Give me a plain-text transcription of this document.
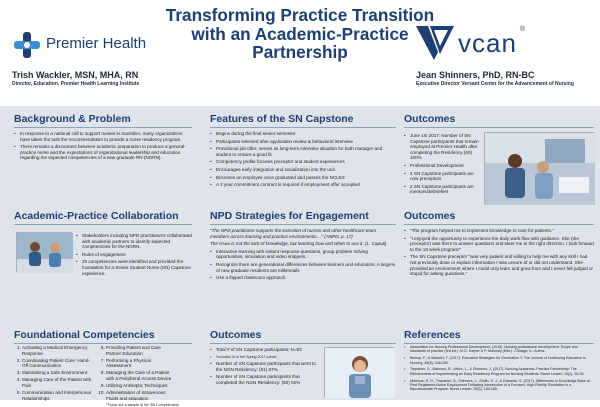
Premier Health
Transforming Practice Transition with an Academic-Practice Partnership	vcan ®
Trish Wackler, MSN, MHA, RN
Director, Education, Premier Health Learning Institute
Jean Shinners, PhD, RN-BC
Executive Director Versant Center for the Advancement of Nursing
Background & Problem
• In response to a national call to support nurses in transition, many organizations have taken the task the recommendation to provide a nurse residency program.
• There remains a disconnect between academic preparation to produce a general-practice nurse and the expectations of organizational leadership and education regarding the expected competencies of a new graduate RN (NGRN).
Academic-Practice Collaboration
• Stakeholders including NPD practitioners collaborated with academic partners to identify expected competencies for the NGRN.
• Rules of engagement
• 29 competencies were identified and provided the foundation for a Senior Student Nurse (SN) Capstone experience.
Foundational Competencies
1. Activating a Medical Emergency Response
2. Coordinating Patient Care: Hand-Off Communication
3. Maintaining a Safe Environment
4. Managing Care of the Patient with Pain
5. Communication and Interpersonal Relationships
6. Providing Patient and Care Partner Education
7. Performing a Physical Assessment
8. Managing the Care of a Patient with a Peripheral Access Device
9. Utilizing Antiseptic Techniques
10. Administration of Intravenous Fluids and education
*These are a sample of the SN Competencies
Features of the SN Capstone
• Begins during the final senior semester
• Participants selected after application review & behavioral interview
• Provisional job offer; serves as long-term interview situation for both manager and student to ensure a good fit
• Competency profile focuses preceptor and student experiences
• Encourages early integration and socialization into the unit
• Becomes an employee once graduated and passes the NCLEX
• A 2 year commitment contract is required if employment offer accepted
NPD Strategies for Engagement
"The NPD practitioner supports the transition of nurses and other healthcare team members across learning and practice environments…" (ANPD, p. 17)
The issue is not the lack of knowledge, but learning how and when to use it. (L. Caputi)
• Interactive learning with instant response questions, group problem solving opportunities, simulation and video snippets.
• Recognize there are generational differences between learners and educators. A large% of new graduate residents are millennials
• Use a flipped classroom approach
Outcomes
• Total # of SN Capstone participants: N=93
• *includes 2x in the Spring 2017 cohort
• Number of SN Capstone participants that went to the NGN Residency: (61) 67%
• Number of SN Capstone participants that completed the NGN Residency: (60) 92%
Outcomes
• June 1st 2017: Number of SN Capstone participants that remain employed at Premier Health after completing the Residency (60) 100%
• Professional Development
• 4 SN Capstone participants are now preceptors
• 2 SN Capstone participants are mentors/debriefers
Outcomes
• "The program helped me to implement knowledge to care for patients."
• "I enjoyed the opportunity to experience the daily work flow with guidance. She (the preceptor) was there to answer questions and steer me in the right direction. I look forward to the 18 week program!"
• The SN Capstone preceptor "was very patient and willing to help me with any skill I had not previously done or explain information I was unsure of or did not understand. She provided an environment where I could only learn and grow from and I never felt judged or stupid for asking questions."
References
• Association for Nursing Professional Development. (2016). Nursing professional development: Scope and standards of practice (3rd ed.). M.G. Harper & P. Maloney (Eds.). Chicago, IL: Author.
• Bishop, F., & Wackler, T. (2017). Education Strategies for Generation Y. The Journal of Continuing Education in Nursing, 48(6), 248-250.
• Trepanier, S., Mainous, R., Africa, L., & Shinners, J. (2017). Nursing Academic–Practice Partnership: The Effectiveness of Implementing an Early Residency Program for Nursing Students. Nurse Leader, 15(1), 35-39.
• Mainous, R. O., Trepanier, S., Shinners, J., Smith, S. J., & Edwards, S. (2017). Differences in Knowledge Base at First Registered Nurse Employment Following Introduction of a Focused, High-Fidelity Simulation in a Baccalaureate Program. Nurse Leader, 15(3), 184-189.
